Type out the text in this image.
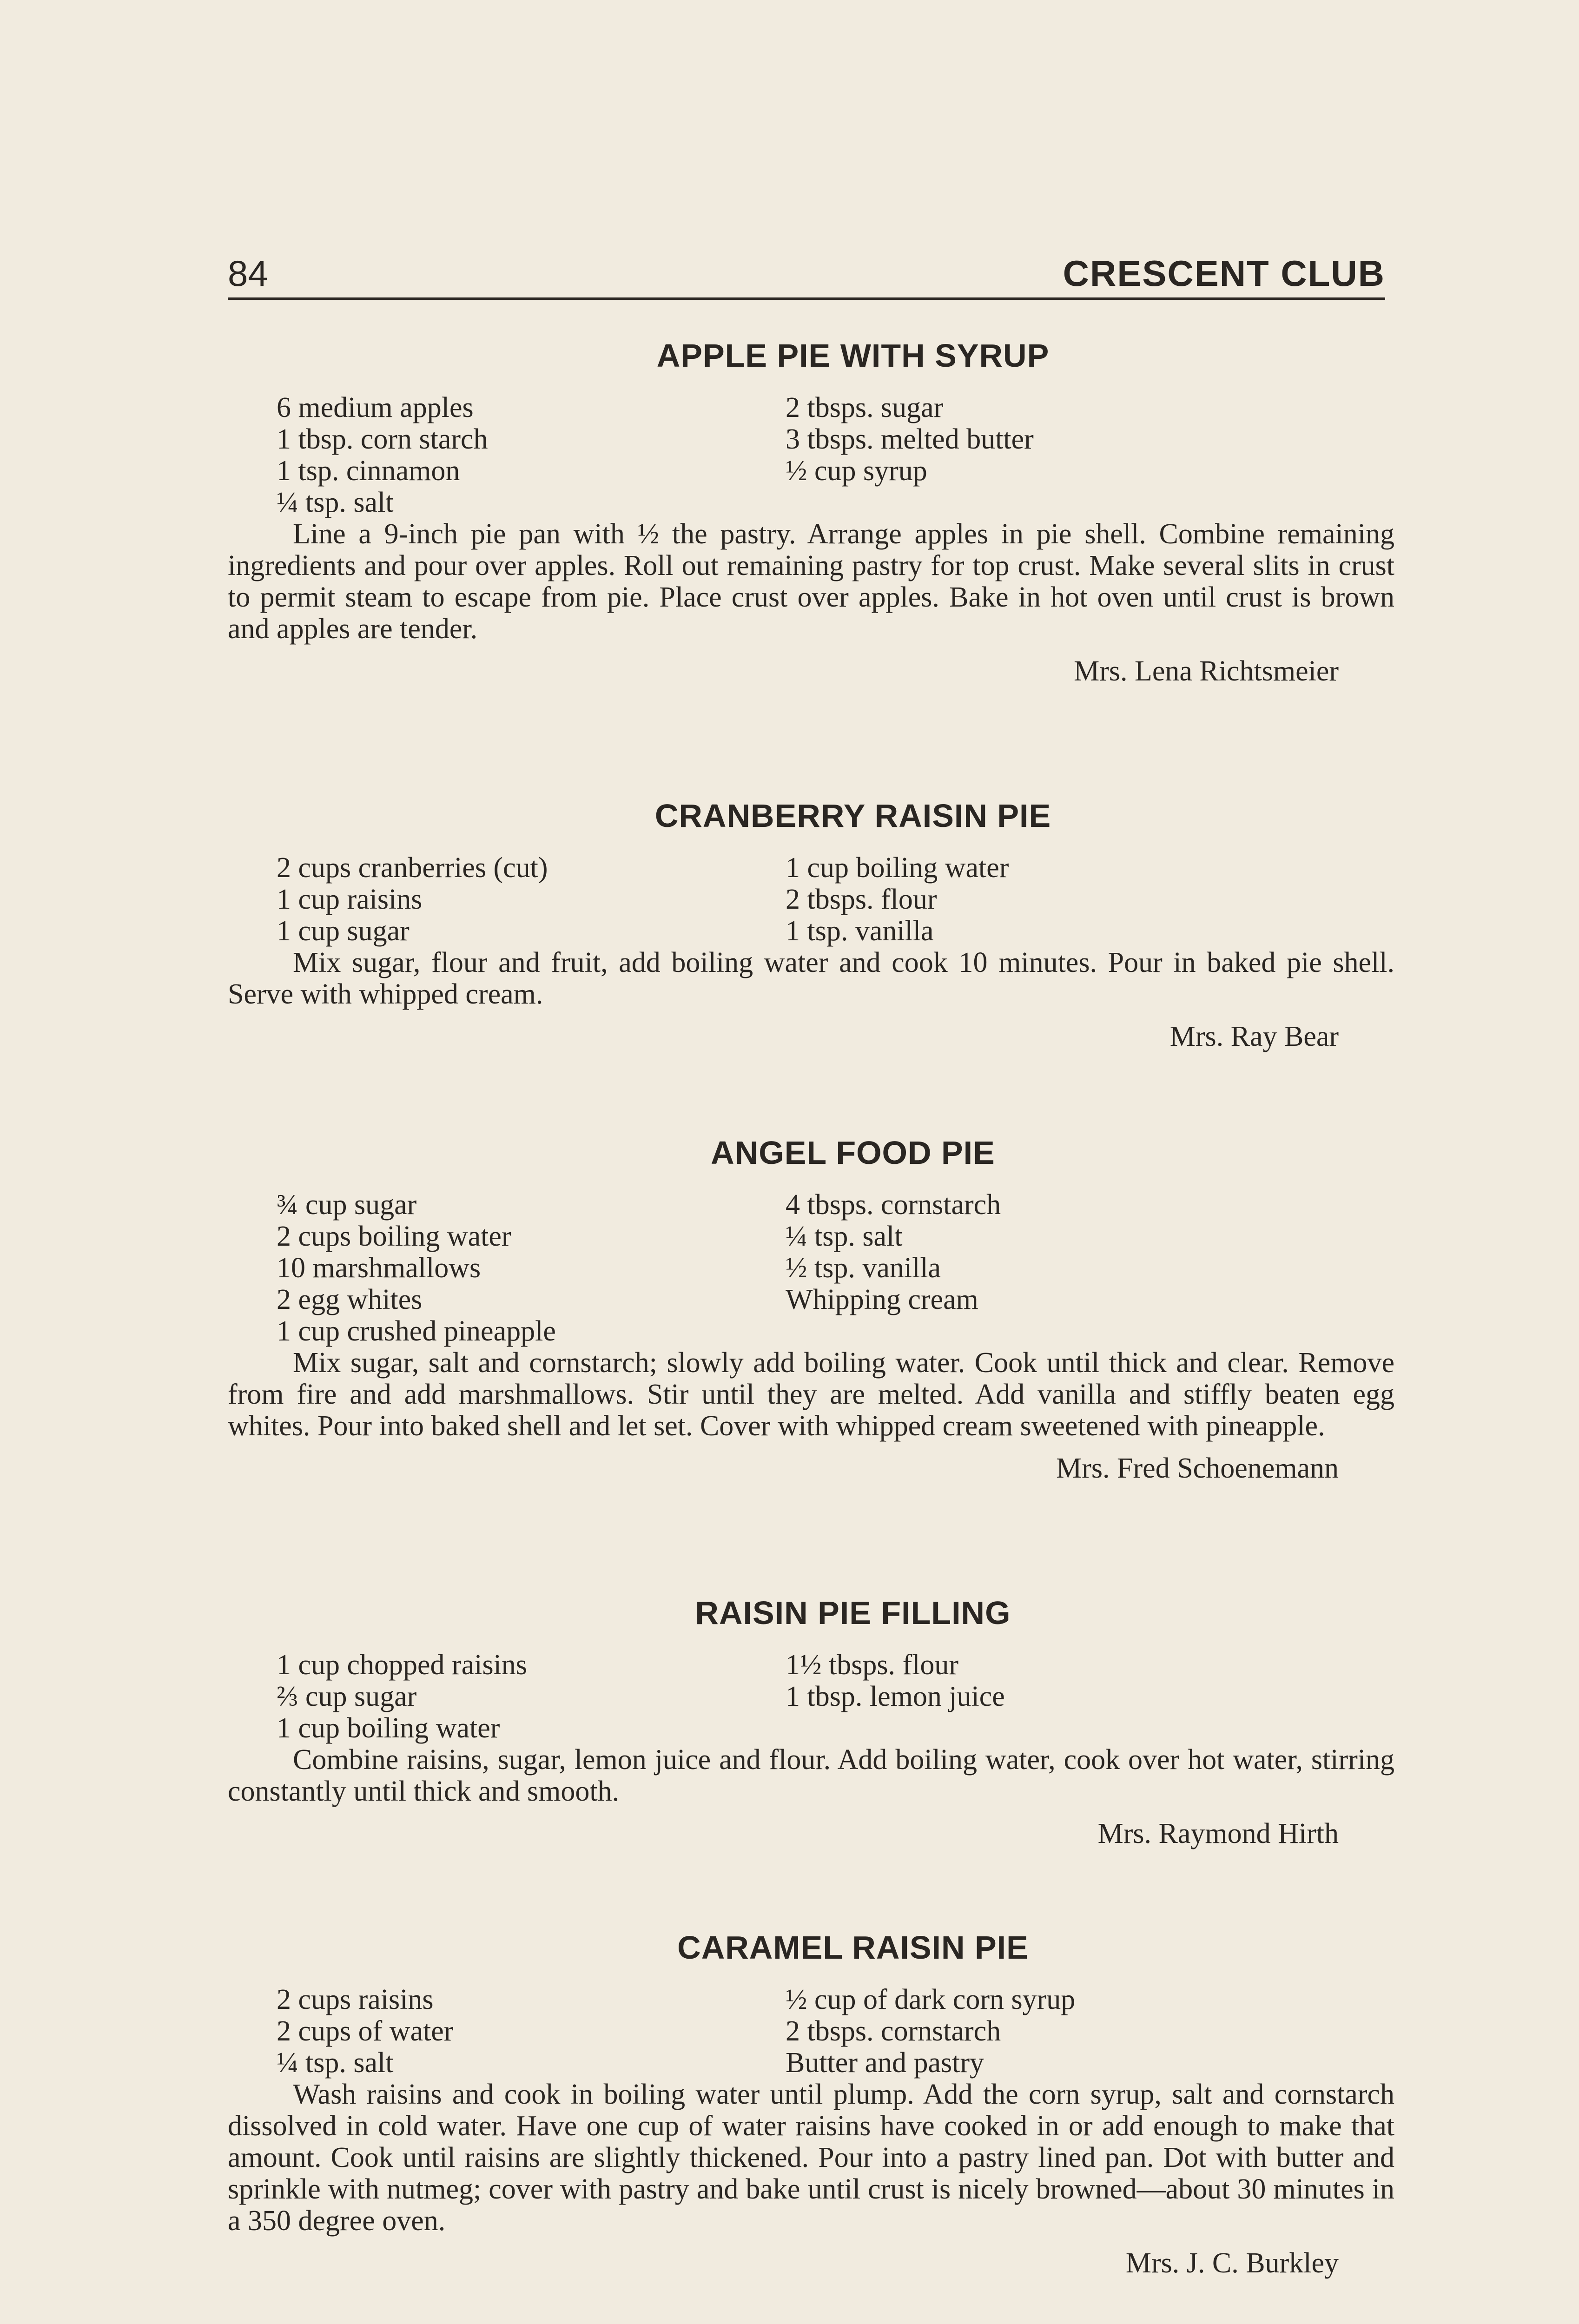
84	CRESCENT CLUB
APPLE PIE WITH SYRUP
6 medium apples
1 tbsp. corn starch
1 tsp. cinnamon
¼ tsp. salt
2 tbsps. sugar
3 tbsps. melted butter
½ cup syrup

Line a 9-inch pie pan with ½ the pastry. Arrange apples in pie shell. Combine remaining ingredients and pour over apples. Roll out remaining pastry for top crust. Make several slits in crust to permit steam to escape from pie. Place crust over apples. Bake in hot oven until crust is brown and apples are tender.

Mrs. Lena Richtsmeier
CRANBERRY RAISIN PIE
2 cups cranberries (cut)
1 cup raisins
1 cup sugar
1 cup boiling water
2 tbsps. flour
1 tsp. vanilla

Mix sugar, flour and fruit, add boiling water and cook 10 minutes. Pour in baked pie shell. Serve with whipped cream.

Mrs. Ray Bear
ANGEL FOOD PIE
¾ cup sugar
2 cups boiling water
10 marshmallows
2 egg whites
1 cup crushed pineapple
4 tbsps. cornstarch
¼ tsp. salt
½ tsp. vanilla
Whipping cream

Mix sugar, salt and cornstarch; slowly add boiling water. Cook until thick and clear. Remove from fire and add marshmallows. Stir until they are melted. Add vanilla and stiffly beaten egg whites. Pour into baked shell and let set. Cover with whipped cream sweetened with pineapple.

Mrs. Fred Schoenemann
RAISIN PIE FILLING
1 cup chopped raisins
⅔ cup sugar
1 cup boiling water
1½ tbsps. flour
1 tbsp. lemon juice

Combine raisins, sugar, lemon juice and flour. Add boiling water, cook over hot water, stirring constantly until thick and smooth.

Mrs. Raymond Hirth
CARAMEL RAISIN PIE
2 cups raisins
2 cups of water
¼ tsp. salt
½ cup of dark corn syrup
2 tbsps. cornstarch
Butter and pastry

Wash raisins and cook in boiling water until plump. Add the corn syrup, salt and cornstarch dissolved in cold water. Have one cup of water raisins have cooked in or add enough to make that amount. Cook until raisins are slightly thickened. Pour into a pastry lined pan. Dot with butter and sprinkle with nutmeg; cover with pastry and bake until crust is nicely browned—about 30 minutes in a 350 degree oven.

Mrs. J. C. Burkley
